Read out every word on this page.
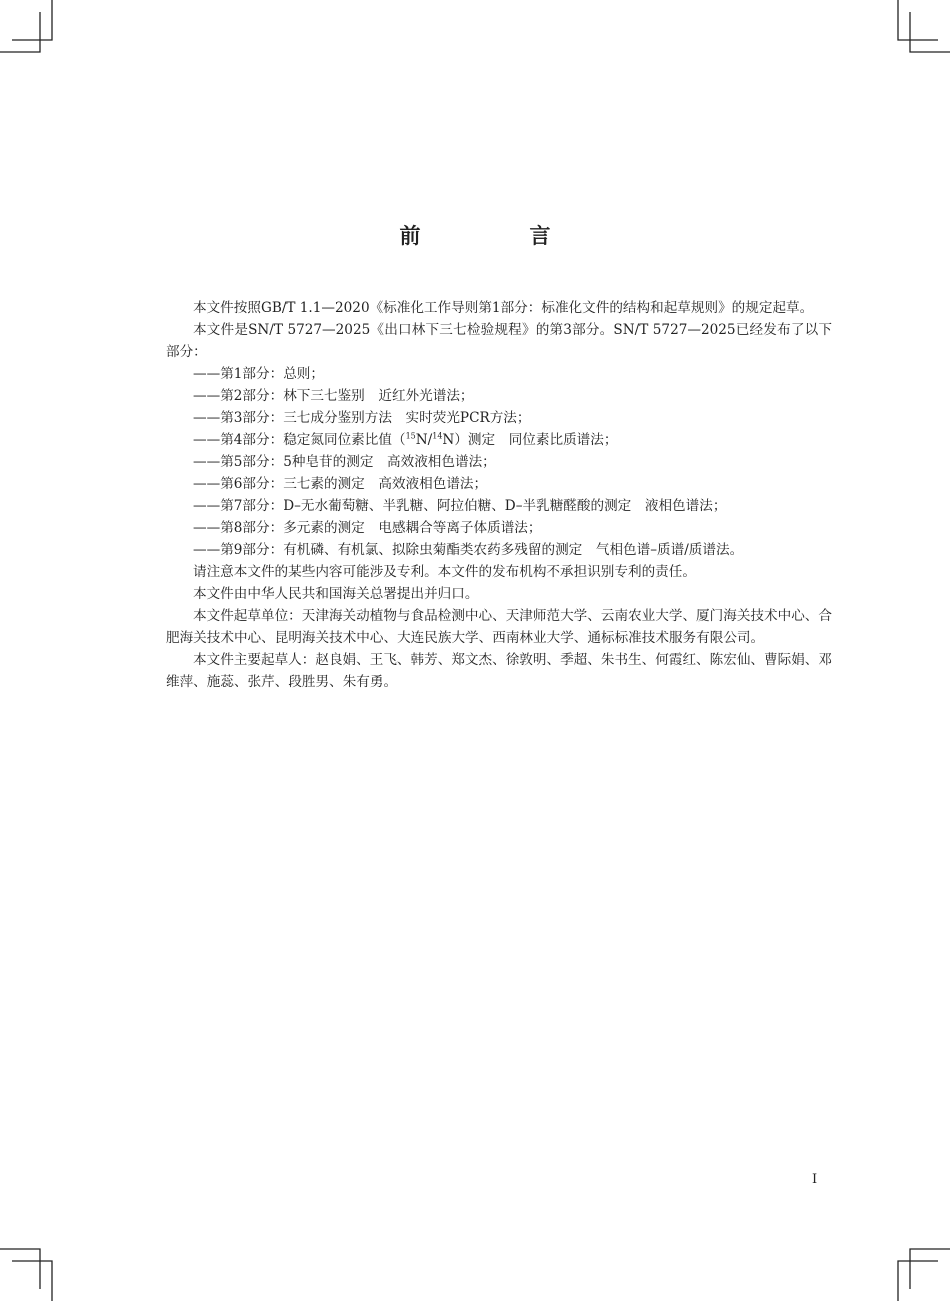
前　言

本文件按照GB/T 1.1—2020《标准化工作导则第1部分：标准化文件的结构和起草规则》的规定起草。

本文件是SN/T 5727—2025《出口林下三七检验规程》的第3部分。SN/T 5727—2025已经发布了以下部分：

——第1部分：总则；

——第2部分：林下三七鉴别　近红外光谱法；

——第3部分：三七成分鉴别方法　实时荧光PCR方法；

——第4部分：稳定氮同位素比值（$^{15}$N/$^{14}$N）测定　同位素比质谱法；

——第5部分：5种皂苷的测定　高效液相色谱法；

——第6部分：三七素的测定　高效液相色谱法；

——第7部分：D–无水葡萄糖、半乳糖、阿拉伯糖、D–半乳糖醛酸的测定　液相色谱法；

——第8部分：多元素的测定　电感耦合等离子体质谱法；

——第9部分：有机磷、有机氯、拟除虫菊酯类农药多残留的测定　气相色谱–质谱/质谱法。

请注意本文件的某些内容可能涉及专利。本文件的发布机构不承担识别专利的责任。

本文件由中华人民共和国海关总署提出并归口。

本文件起草单位：天津海关动植物与食品检测中心、天津师范大学、云南农业大学、厦门海关技术中心、合肥海关技术中心、昆明海关技术中心、大连民族大学、西南林业大学、通标标准技术服务有限公司。

本文件主要起草人：赵良娟、王飞、韩芳、郑文杰、徐敦明、季超、朱书生、何霞红、陈宏仙、曹际娟、邓维萍、施蕊、张芹、段胜男、朱有勇。

I
